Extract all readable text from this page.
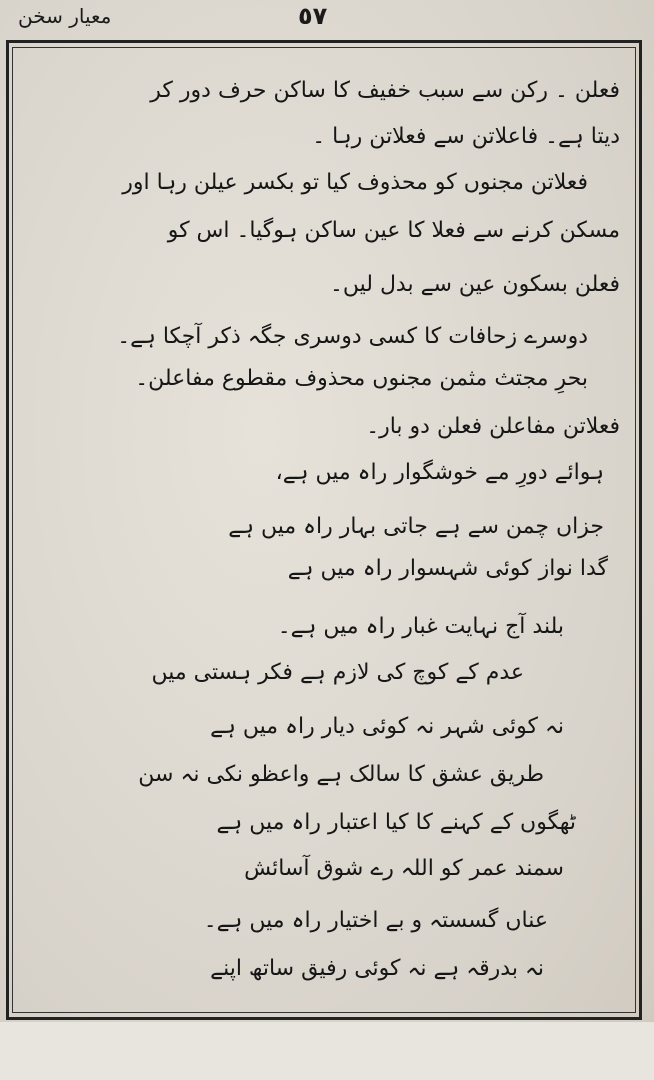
معیار سخن	٥٧
فعلن ۔ رکن سے سبب خفیف کا ساکن حرف دور کر
دیتا ہے۔ فاعلاتن سے فعلاتن رہا ۔
فعلاتن مجنوں کو محذوف کیا تو بکسر عیلن رہا اور
مسکن کرنے سے فعلا کا عین ساکن ہوگیا۔ اس کو
فعلن بسکون عین سے بدل لیں۔
دوسرے زحافات کا کسی دوسری جگہ ذکر آچکا ہے۔
بحرِ مجتث مثمن مجنوں محذوف مقطوع مفاعلن۔
فعلاتن مفاعلن فعلن دو بار۔
ہوائے دورِ مے خوشگوار راہ میں ہے،
جزاں چمن سے ہے جاتی بہار راہ میں ہے
گدا نواز کوئی شہسوار راہ میں ہے
بلند آج نہایت غبار راہ میں ہے۔
عدم کے کوچ کی لازم ہے فکر ہستی میں
نہ کوئی شہر نہ کوئی دیار راہ میں ہے
طریق عشق کا سالک ہے واعظو نکی نہ سن
ٹھگوں کے کہنے کا کیا اعتبار راہ میں ہے
سمند عمر کو اللہ رے شوق آسائش
عناں گسستہ و بے اختیار راہ میں ہے۔
نہ بدرقہ ہے نہ کوئی رفیق ساتھ اپنے
